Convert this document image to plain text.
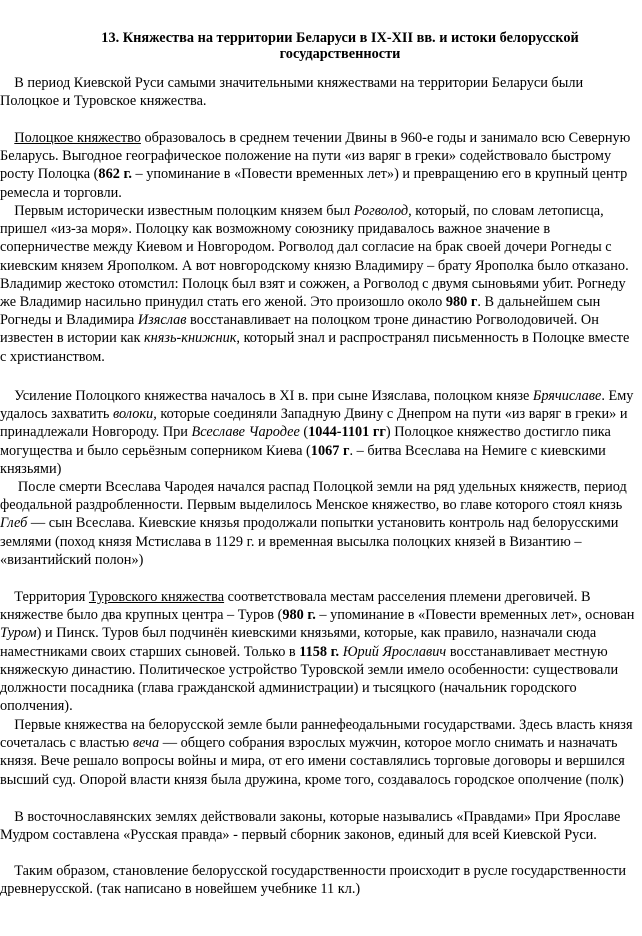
13. Княжества на территории Беларуси в IX-XII вв. и истоки белорусской государственности

В период Киевской Руси самыми значительными княжествами на территории Беларуси были Полоцкое и Туровское княжества.

Полоцкое княжество образовалось в среднем течении Двины в 960-е годы и занимало всю Северную Беларусь. Выгодное географическое положение на пути «из варяг в греки» содействовало быстрому росту Полоцка (862 г. – упоминание в «Повести временных лет») и превращению его в крупный центр ремесла и торговли.

Первым исторически известным полоцким князем был Рогволод, который, по словам летописца, пришел «из-за моря». Полоцку как возможному союзнику придавалось важное значение в соперничестве между Киевом и Новгородом. Рогволод дал согласие на брак своей дочери Рогнеды с киевским князем Ярополком. А вот новгородскому князю Владимиру – брату Ярополка было отказано. Владимир жестоко отомстил: Полоцк был взят и сожжен, а Рогволод с двумя сыновьями убит. Рогнеду же Владимир насильно принудил стать его женой. Это произошло около 980 г. В дальнейшем сын Рогнеды и Владимира Изяслав восстанавливает на полоцком троне династию Рогволодовичей. Он известен в истории как князь-книжник, который знал и распространял письменность в Полоцке вместе с христианством.

Усиление Полоцкого княжества началось в XI в. при сыне Изяслава, полоцком князе Брячиславе. Ему удалось захватить волоки, которые соединяли Западную Двину с Днепром на пути «из варяг в греки» и принадлежали Новгороду. При Всеславе Чародее (1044-1101 гг) Полоцкое княжество достигло пика могущества и было серьёзным соперником Киева (1067 г. – битва Всеслава на Немиге с киевскими князьями)

После смерти Всеслава Чародея начался распад Полоцкой земли на ряд удельных княжеств, период феодальной раздробленности. Первым выделилось Менское княжество, во главе которого стоял князь Глеб — сын Всеслава. Киевские князья продолжали попытки установить контроль над белорусскими землями (поход князя Мстислава в 1129 г. и временная высылка полоцких князей в Византию – «византийский полон»)

Территория Туровского княжества соответствовала местам расселения племени дреговичей. В княжестве было два крупных центра – Туров (980 г. – упоминание в «Повести временных лет», основан Туром) и Пинск. Туров был подчинён киевскими князьями, которые, как правило, назначали сюда наместниками своих старших сыновей. Только в 1158 г. Юрий Ярославич восстанавливает местную княжескую династию. Политическое устройство Туровской земли имело особенности: существовали должности посадника (глава гражданской администрации) и тысяцкого (начальник городского ополчения).

Первые княжества на белорусской земле были раннефеодальными государствами. Здесь власть князя сочеталась с властью веча — общего собрания взрослых мужчин, которое могло снимать и назначать князя. Вече решало вопросы войны и мира, от его имени составлялись торговые договоры и вершился высший суд. Опорой власти князя была дружина, кроме того, создавалось городское ополчение (полк)

В восточнославянских землях действовали законы, которые назывались «Правдами» При Ярославе Мудром составлена «Русская правда» - первый сборник законов, единый для всей Киевской Руси.

Таким образом, становление белорусской государственности происходит в русле государственности древнерусской. (так написано в новейшем учебнике 11 кл.)
